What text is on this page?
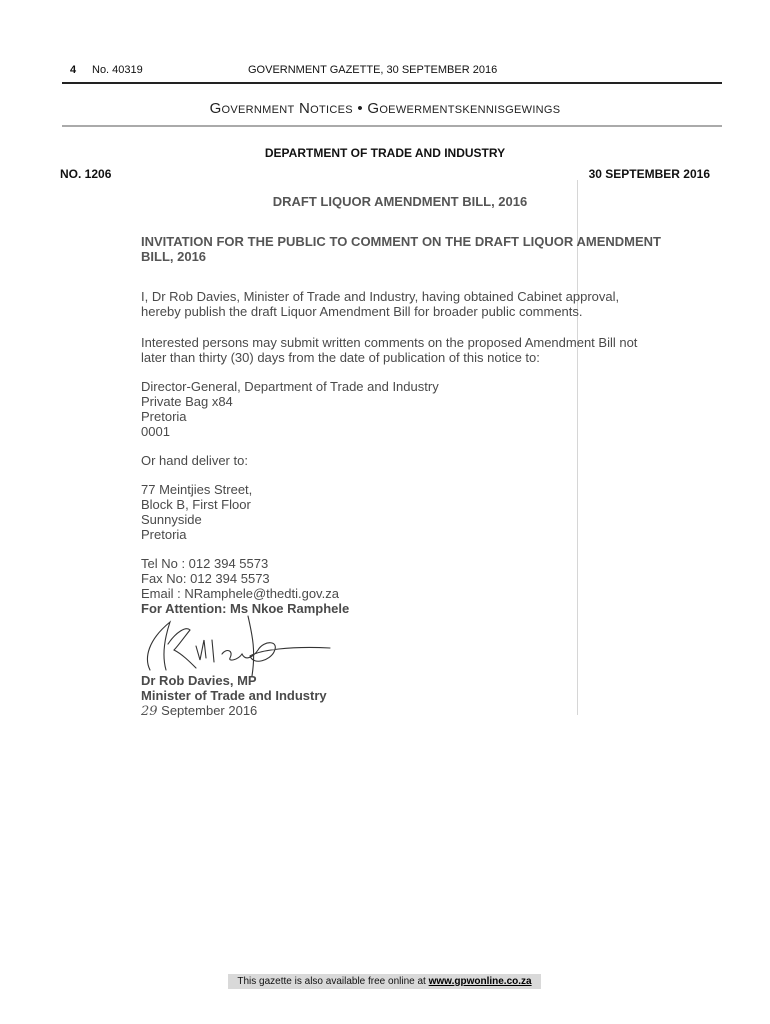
4 No. 40319	GOVERNMENT GAZETTE, 30 SEPTEMBER 2016
Government Notices • Goewermentskennisgewings
DEPARTMENT OF TRADE AND INDUSTRY
NO. 1206	30 SEPTEMBER 2016
DRAFT LIQUOR AMENDMENT BILL, 2016
INVITATION FOR THE PUBLIC TO COMMENT ON THE DRAFT LIQUOR AMENDMENT BILL, 2016
I, Dr Rob Davies, Minister of Trade and Industry, having obtained Cabinet approval, hereby publish the draft Liquor Amendment Bill for broader public comments.
Interested persons may submit written comments on the proposed Amendment Bill not later than thirty (30) days from the date of publication of this notice to:
Director-General, Department of Trade and Industry
Private Bag x84
Pretoria
0001
Or hand deliver to:
77 Meintjies Street,
Block B, First Floor
Sunnyside
Pretoria
Tel No : 012 394 5573
Fax No: 012 394 5573
Email : NRamphele@thedti.gov.za
For Attention: Ms Nkoe Ramphele
Dr Rob Davies, MP
Minister of Trade and Industry
29 September 2016
This gazette is also available free online at www.gpwonline.co.za
